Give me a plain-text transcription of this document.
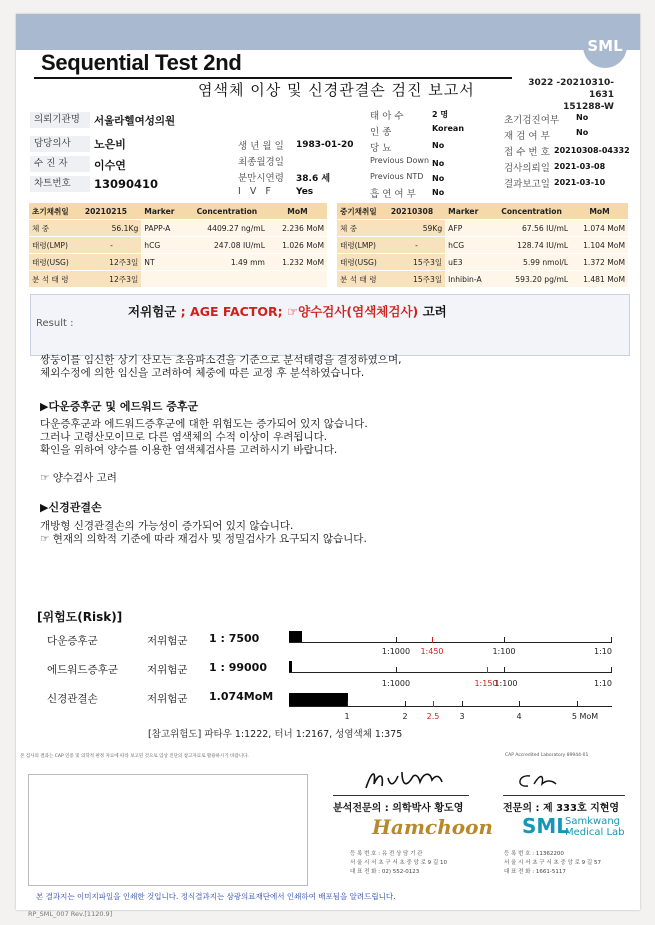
SML
Sequential Test 2nd
염색체 이상 및 신경관결손 검진 보고서	3022 -20210310-1631
151288-W
의뢰기관명	서울라헬여성의원
담당의사	노은비
수 진 자	이수연
차트번호	13090410
생 년 월 일 1983-01-20
최종월경일
분만시연령 38.6 세
I V F Yes
태 아 수	2 명
인 종	Korean
당 뇨	No
Previous Down No
Previous NTD No
흡 연 여 부 No
초기검진여부 No
재 검 여 부	No
접 수 번 호 20210308-04332
검사의뢰일 2021-03-08
결과보고일 2021-03-10
초기채취일	20210215	Marker	Concentration	MoM
체 중	56.1Kg	PAPP-A	4409.27 ng/mL	2.236 MoM
태령(LMP)	-	hCG	247.08 IU/mL	1.026 MoM
태령(USG)	12주3일	NT	1.49 mm	1.232 MoM
분 석 태 령	12주3일			
중기채취일	20210308	Marker	Concentration	MoM
체 중	59Kg	AFP	67.56 IU/mL	1.074 MoM
태령(LMP)	-	hCG	128.74 IU/mL	1.104 MoM
태령(USG)	15주3일	uE3	5.99 nmol/L	1.372 MoM
분 석 태 령	15주3일	Inhibin-A	593.20 pg/mL	1.481 MoM
Result :
저위험군 ; AGE FACTOR; ☞양수검사(염색체검사) 고려
쌍둥이를 임신한 상기 산모는 초음파소견을 기준으로 분석태령을 결정하였으며,
체외수정에 의한 임신을 고려하여 체중에 따른 교정 후 분석하였습니다.
▶다운증후군 및 에드워드 증후군
다운증후군과 에드워드증후군에 대한 위험도는 증가되어 있지 않습니다.
그러나 고령산모이므로 다른 염색체의 수적 이상이 우려됩니다.
확인을 위하여 양수를 이용한 염색체검사를 고려하시기 바랍니다.
☞ 양수검사 고려
▶신경관결손
개방형 신경관결손의 가능성이 증가되어 있지 않습니다.
☞ 현재의 의학적 기준에 따라 재검사 및 정밀검사가 요구되지 않습니다.
[위험도(Risk)]
다운증후군	저위험군 1 : 7500
에드워드증후군	저위험군 1 : 99000
신경관결손	저위험군 1.074MoM
1:1000 1:450	1:100	1:10
1:1000	1:150
1:100	1:10
1	2 2.5	3	4	5 MoM
[참고위험도] 파타우 1:1222, 터너 1:2167, 성염색체 1:375
본 검사의 결과는 CAP 인증 및 의학적 판정 자료에 따라 보고된 것으로 임상 진단의 참고자료로 활용하시기 바랍니다.	CAP Accredited Laboratory 89944-01
분석전문의 : 의학박사 황도영	전문의 : 제 333호 지현영
Hamchoon SML
Samkwang
Medical Lab
등 록 번 호 : 유 전 상 담 기 관
서 울 시 서 초 구 서 초 중 앙 로 9 길 10
대 표 전 화 : 02) 552-0123
등 록 번 호 : 11362200
서 울 시 서 초 구 서 초 중 앙 로 9 길 57
대 표 전 화 : 1661-5117
본 결과지는 이미지파일을 인쇄한 것입니다. 정식결과지는 삼광의료재단에서 인쇄하여 배포됨을 알려드립니다.
RP_SML_007 Rev.[1120.9]
